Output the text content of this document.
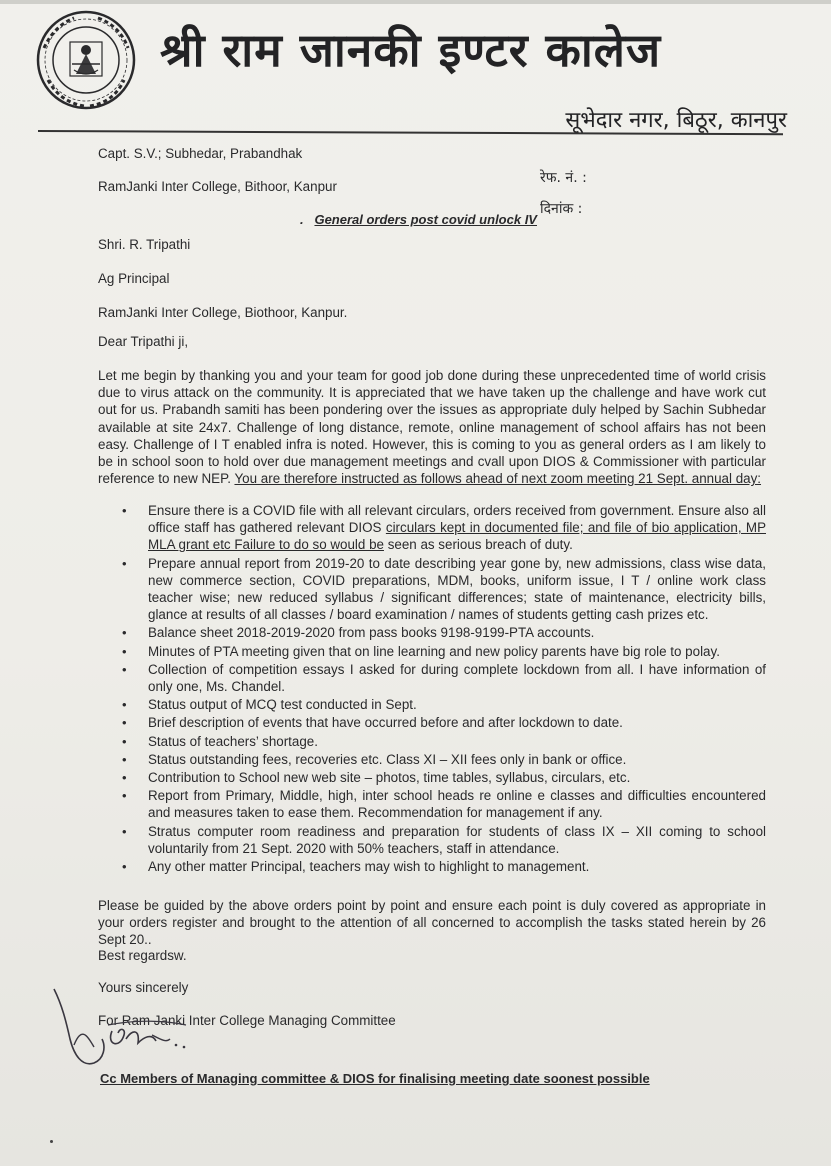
श्री राम जानकी इण्टर कालेज
सूभेदार नगर, बिठूर, कानपुर
Capt. S.V.; Subhedar, Prabandhak
रेफ. नं. :
RamJanki Inter College, Bithoor, Kanpur
दिनांक :
. General orders post covid unlock IV
Shri. R. Tripathi
Ag Principal
RamJanki Inter College, Biothoor, Kanpur.
Dear Tripathi ji,
Let me begin by thanking you and your team for good job done during these unprecedented time of world crisis due to virus attack on the community. It is appreciated that we have taken up the challenge and have work cut out for us. Prabandh samiti has been pondering over the issues as appropriate duly helped by Sachin Subhedar available at site 24x7. Challenge of long distance, remote, online management of school affairs has not been easy. Challenge of I T enabled infra is noted. However, this is coming to you as general orders as I am likely to be in school soon to hold over due management meetings and cvall upon DIOS & Commissioner with particular reference to new NEP. You are therefore instructed as follows ahead of next zoom meeting 21 Sept. annual day:
• Ensure there is a COVID file with all relevant circulars, orders received from government. Ensure also all office staff has gathered relevant DIOS circulars kept in documented file; and file of bio application, MP MLA grant etc Failure to do so would be seen as serious breach of duty.
• Prepare annual report from 2019-20 to date describing year gone by, new admissions, class wise data, new commerce section, COVID preparations, MDM, books, uniform issue, I T / online work class teacher wise; new reduced syllabus / significant differences; state of maintenance, electricity bills, glance at results of all classes / board examination / names of students getting cash prizes etc.
• Balance sheet 2018-2019-2020 from pass books 9198-9199-PTA accounts.
• Minutes of PTA meeting given that on line learning and new policy parents have big role to polay.
• Collection of competition essays I asked for during complete lockdown from all. I have information of only one, Ms. Chandel.
• Status output of MCQ test conducted in Sept.
• Brief description of events that have occurred before and after lockdown to date.
• Status of teachers’ shortage.
• Status outstanding fees, recoveries etc. Class XI – XII fees only in bank or office.
• Contribution to School new web site – photos, time tables, syllabus, circulars, etc.
• Report from Primary, Middle, high, inter school heads re online e classes and difficulties encountered and measures taken to ease them. Recommendation for management if any.
• Stratus computer room readiness and preparation for students of class IX – XII coming to school voluntarily from 21 Sept. 2020 with 50% teachers, staff in attendance.
• Any other matter Principal, teachers may wish to highlight to management.
Please be guided by the above orders point by point and ensure each point is duly covered as appropriate in your orders register and brought to the attention of all concerned to accomplish the tasks stated herein by 26 Sept 20..
Best regardsw.
Yours sincerely
For Ram Janki Inter College Managing Committee
Cc Members of Managing committee & DIOS for finalising meeting date soonest possible
